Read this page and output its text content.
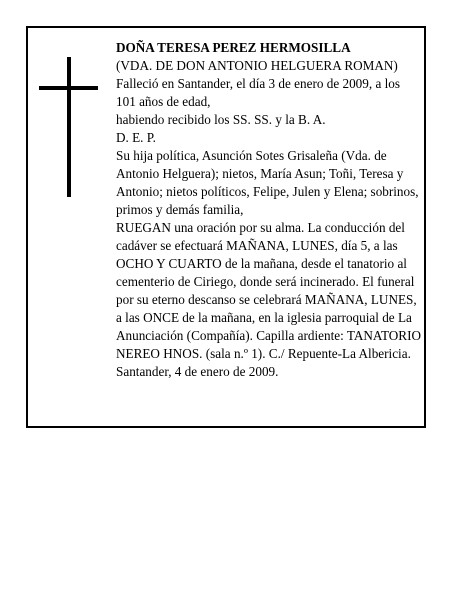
DOÑA TERESA PEREZ HERMOSILLA

(VDA. DE DON ANTONIO HELGUERA ROMAN)

Falleció en Santander, el día 3 de enero de 2009, a los 101 años de edad,

habiendo recibido los SS. SS. y la B. A.

D. E. P.

Su hija política, Asunción Sotes Grisaleña (Vda. de Antonio Helguera); nietos, María Asun; Toñi, Teresa y Antonio; nietos políticos, Felipe, Julen y Elena; sobrinos, primos y demás familia,

RUEGAN una oración por su alma. La conducción del cadáver se efectuará MAÑANA, LUNES, día 5, a las OCHO Y CUARTO de la mañana, desde el tanatorio al cementerio de Ciriego, donde será incinerado. El funeral por su eterno descanso se celebrará MAÑANA, LUNES, a las ONCE de la mañana, en la iglesia parroquial de La Anunciación (Compañía). Capilla ardiente: TANATORIO NEREO HNOS. (sala n.º 1). C./ Repuente-La Albericia.

Santander, 4 de enero de 2009.
